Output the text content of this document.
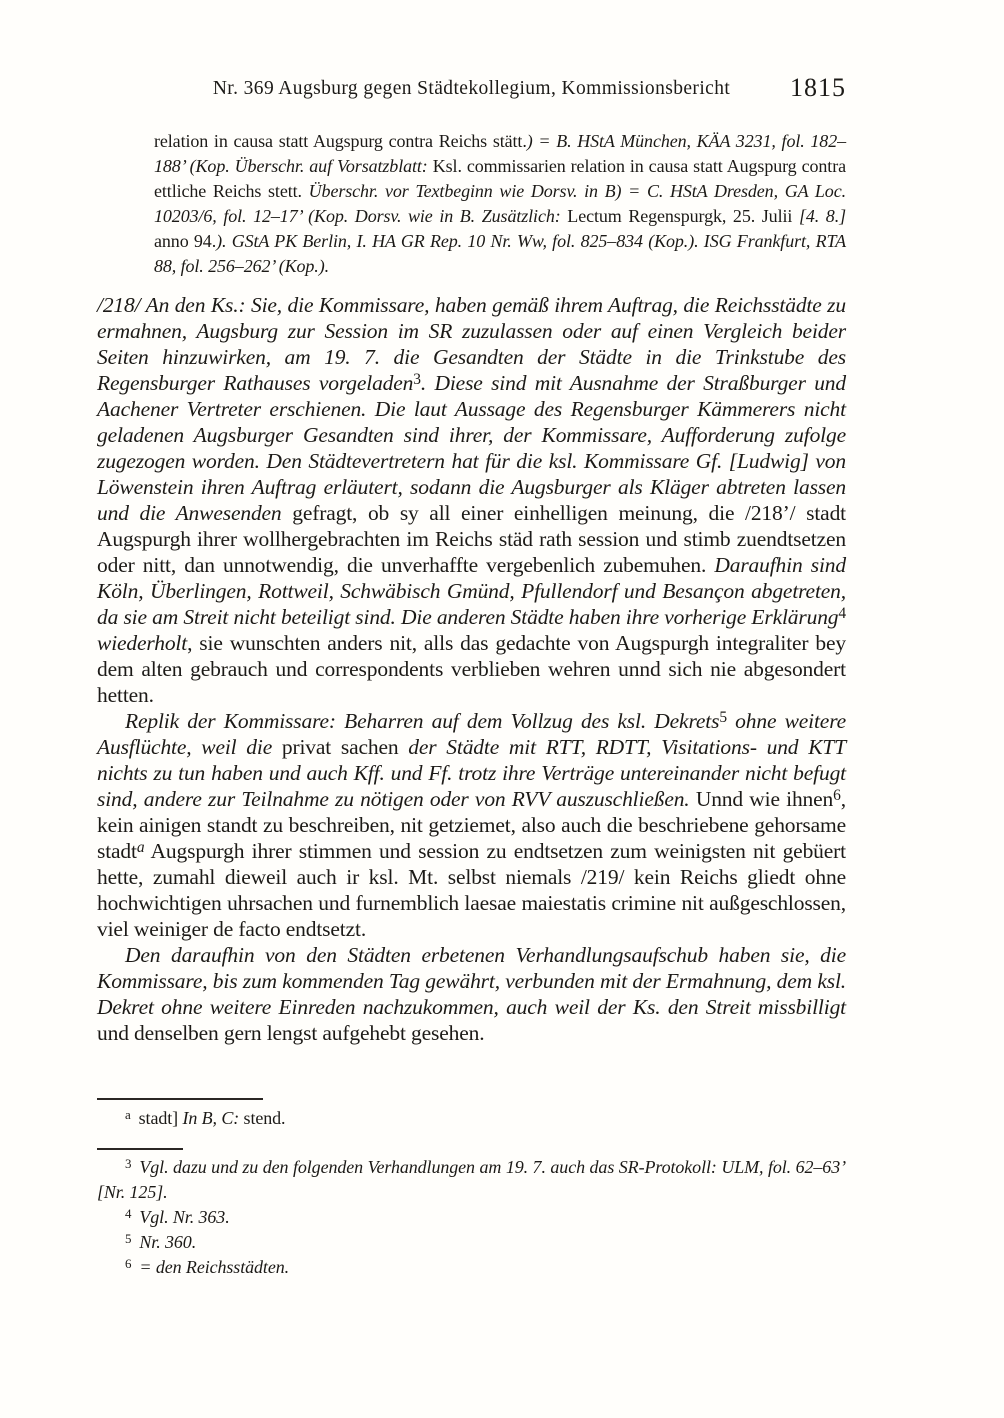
Nr. 369 Augsburg gegen Städtekollegium, Kommissionsbericht 1815
relation in causa statt Augspurg contra Reichs stätt.) = B. HStA München, KÄA 3231, fol. 182–188’ (Kop. Überschr. auf Vorsatzblatt: Ksl. commissarien relation in causa statt Augspurg contra ettliche Reichs stett. Überschr. vor Textbeginn wie Dorsv. in B) = C. HStA Dresden, GA Loc. 10203/6, fol. 12–17’ (Kop. Dorsv. wie in B. Zusätzlich: Lectum Regenspurgk, 25. Julii [4. 8.] anno 94.). GStA PK Berlin, I. HA GR Rep. 10 Nr. Ww, fol. 825–834 (Kop.). ISG Frankfurt, RTA 88, fol. 256–262’ (Kop.).

/218/ An den Ks.: Sie, die Kommissare, haben gemäß ihrem Auftrag, die Reichsstädte zu ermahnen, Augsburg zur Session im SR zuzulassen oder auf einen Vergleich beider Seiten hinzuwirken, am 19. 7. die Gesandten der Städte in die Trinkstube des Regensburger Rathauses vorgeladen$^3$. Diese sind mit Ausnahme der Straßburger und Aachener Vertreter erschienen. Die laut Aussage des Regensburger Kämmerers nicht geladenen Augsburger Gesandten sind ihrer, der Kommissare, Aufforderung zufolge zugezogen worden. Den Städtevertretern hat für die ksl. Kommissare Gf. [Ludwig] von Löwenstein ihren Auftrag erläutert, sodann die Augsburger als Kläger abtreten lassen und die Anwesenden gefragt, ob sy all einer einhelligen meinung, die /218’/ stadt Augspurgh ihrer wollhergebrachten im Reichs städ rath session und stimb zuendtsetzen oder nitt, dan unnotwendig, die unverhaffte vergebenlich zubemuhen. Daraufhin sind Köln, Überlingen, Rottweil, Schwäbisch Gmünd, Pfullendorf und Besançon abgetreten, da sie am Streit nicht beteiligt sind. Die anderen Städte haben ihre vorherige Erklärung$^4$ wiederholt, sie wunschten anders nit, alls das gedachte von Augspurgh integraliter bey dem alten gebrauch und correspondents verblieben wehren unnd sich nie abgesondert hetten.

Replik der Kommissare: Beharren auf dem Vollzug des ksl. Dekrets$^5$ ohne weitere Ausflüchte, weil die privat sachen der Städte mit RTT, RDTT, Visitations- und KTT nichts zu tun haben und auch Kff. und Ff. trotz ihre Verträge untereinander nicht befugt sind, andere zur Teilnahme zu nötigen oder von RVV auszuschließen. Unnd wie ihnen$^6$, kein ainigen standt zu beschreiben, nit getziemet, also auch die beschriebene gehorsame stadt$^a$ Augspurgh ihrer stimmen und session zu endtsetzen zum weinigsten nit gebüert hette, zumahl dieweil auch ir ksl. Mt. selbst niemals /219/ kein Reichs gliedt ohne hochwichtigen uhrsachen und furnemblich laesae maiestatis crimine nit außgeschlossen, viel weiniger de facto endtsetzt.

Den daraufhin von den Städten erbetenen Verhandlungsaufschub haben sie, die Kommissare, bis zum kommenden Tag gewährt, verbunden mit der Ermahnung, dem ksl. Dekret ohne weitere Einreden nachzukommen, auch weil der Ks. den Streit missbilligt und denselben gern lengst aufgehebt gesehen.

$^a$ stadt] In B, C: stend.
$^3$ Vgl. dazu und zu den folgenden Verhandlungen am 19. 7. auch das SR-Protokoll: ULM, fol. 62–63’ [Nr. 125].
$^4$ Vgl. Nr. 363.
$^5$ Nr. 360.
$^6$ = den Reichsstädten.
